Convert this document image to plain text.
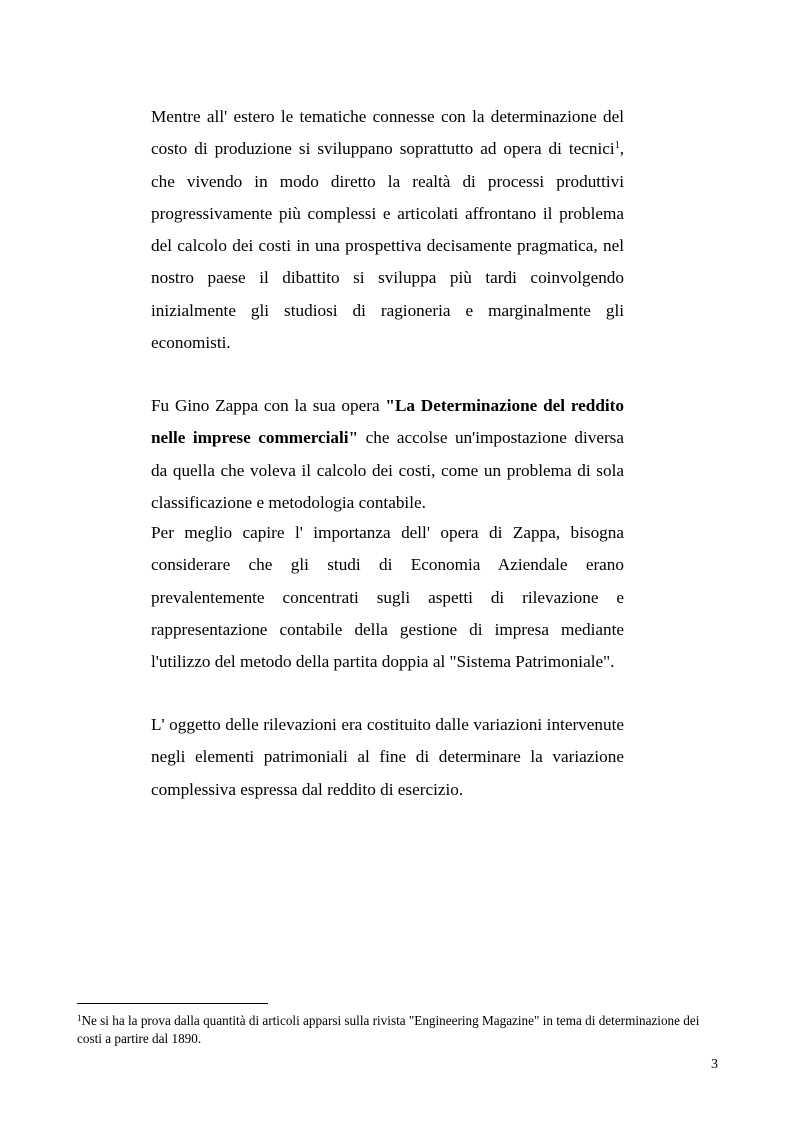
Mentre all' estero le tematiche connesse con la determinazione del costo di produzione si sviluppano soprattutto ad opera di tecnici$^1$, che vivendo in modo diretto la realtà di processi produttivi progressivamente più complessi e articolati affrontano il problema del calcolo dei costi in una prospettiva decisamente pragmatica, nel nostro paese il dibattito si sviluppa più tardi coinvolgendo inizialmente gli studiosi di ragioneria e marginalmente gli economisti.

Fu Gino Zappa con la sua opera "La Determinazione del reddito nelle imprese commerciali" che accolse un'impostazione diversa da quella che voleva il calcolo dei costi, come un problema di sola classificazione e metodologia contabile.

Per meglio capire l' importanza dell' opera di Zappa, bisogna considerare che gli studi di Economia Aziendale erano prevalentemente concentrati sugli aspetti di rilevazione e rappresentazione contabile della gestione di impresa mediante l'utilizzo del metodo della partita doppia al "Sistema Patrimoniale".

L' oggetto delle rilevazioni era costituito dalle variazioni intervenute negli elementi patrimoniali al fine di determinare la variazione complessiva espressa dal reddito di esercizio.

$^1$Ne si ha la prova dalla quantità di articoli apparsi sulla rivista "Engineering Magazine" in tema di determinazione dei costi a partire dal 1890.

3
